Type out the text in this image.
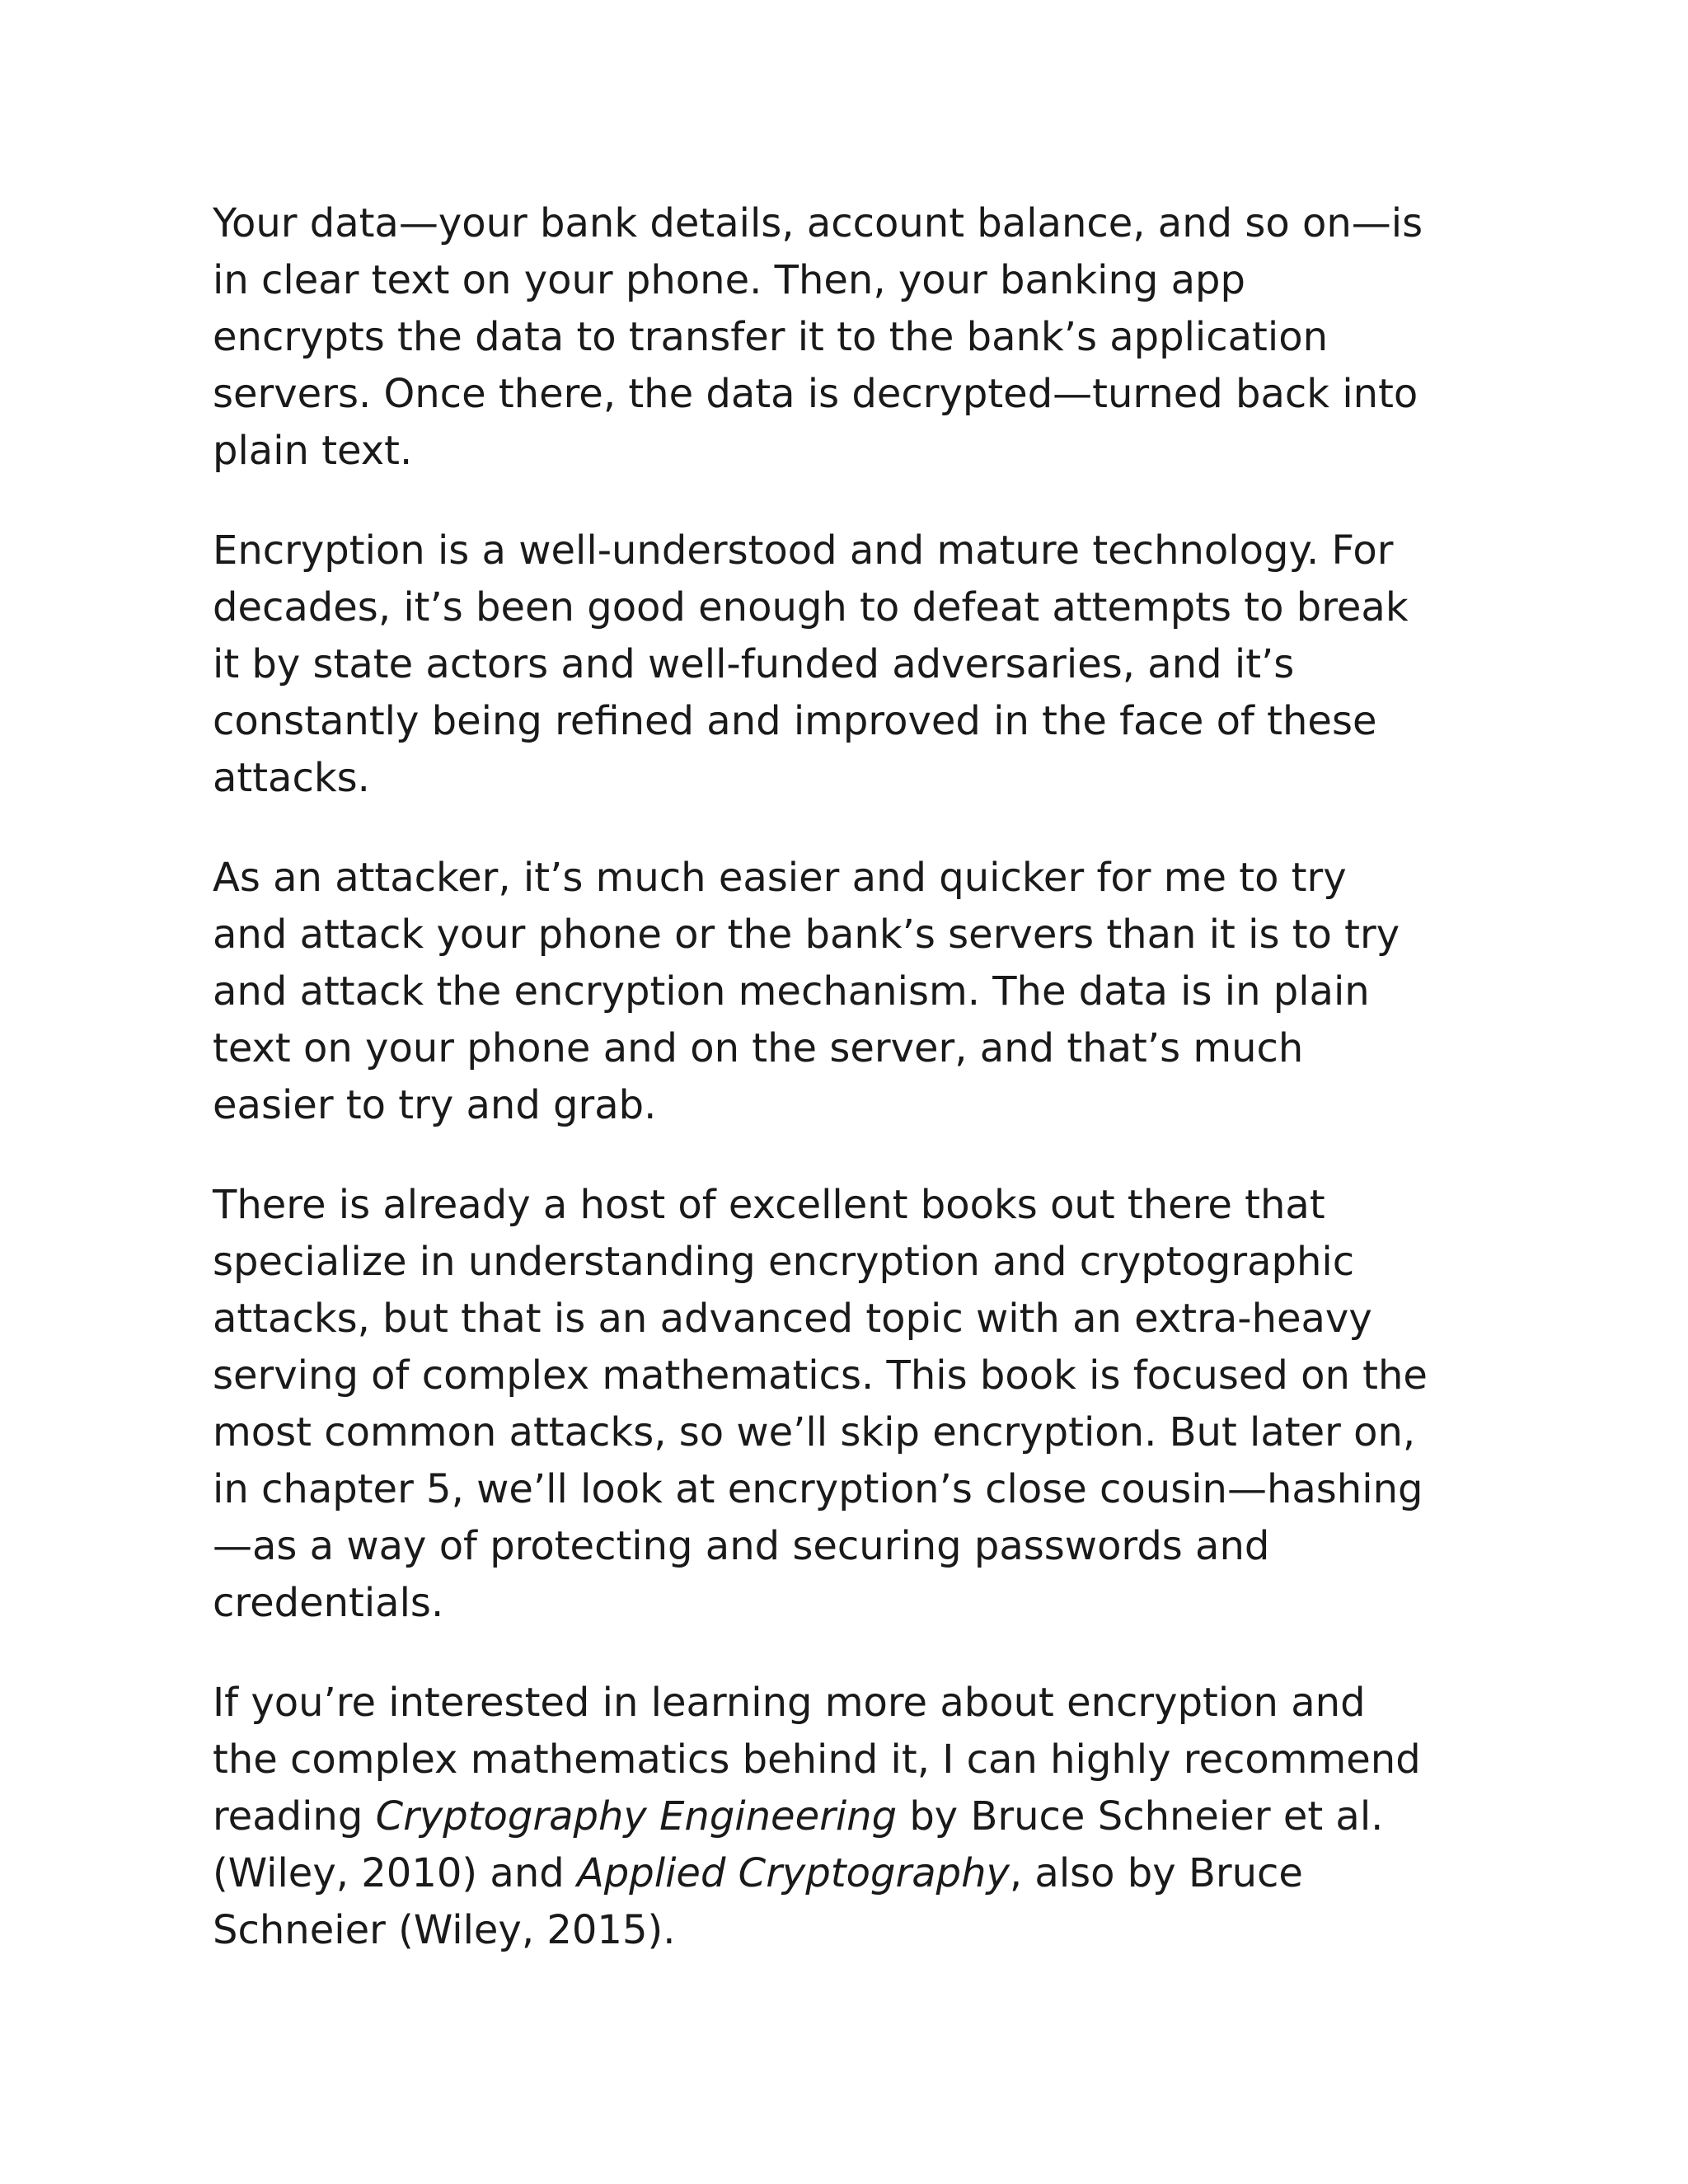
Your data—your bank details, account balance, and so on—is
in clear text on your phone. Then, your banking app
encrypts the data to transfer it to the bank’s application
servers. Once there, the data is decrypted—turned back into
plain text.

Encryption is a well-understood and mature technology. For
decades, it’s been good enough to defeat attempts to break
it by state actors and well-funded adversaries, and it’s
constantly being refined and improved in the face of these
attacks.

As an attacker, it’s much easier and quicker for me to try
and attack your phone or the bank’s servers than it is to try
and attack the encryption mechanism. The data is in plain
text on your phone and on the server, and that’s much
easier to try and grab.

There is already a host of excellent books out there that
specialize in understanding encryption and cryptographic
attacks, but that is an advanced topic with an extra-heavy
serving of complex mathematics. This book is focused on the
most common attacks, so we’ll skip encryption. But later on,
in chapter 5, we’ll look at encryption’s close cousin—hashing
—as a way of protecting and securing passwords and
credentials.

If you’re interested in learning more about encryption and
the complex mathematics behind it, I can highly recommend
reading Cryptography Engineering by Bruce Schneier et al.
(Wiley, 2010) and Applied Cryptography, also by Bruce
Schneier (Wiley, 2015).
